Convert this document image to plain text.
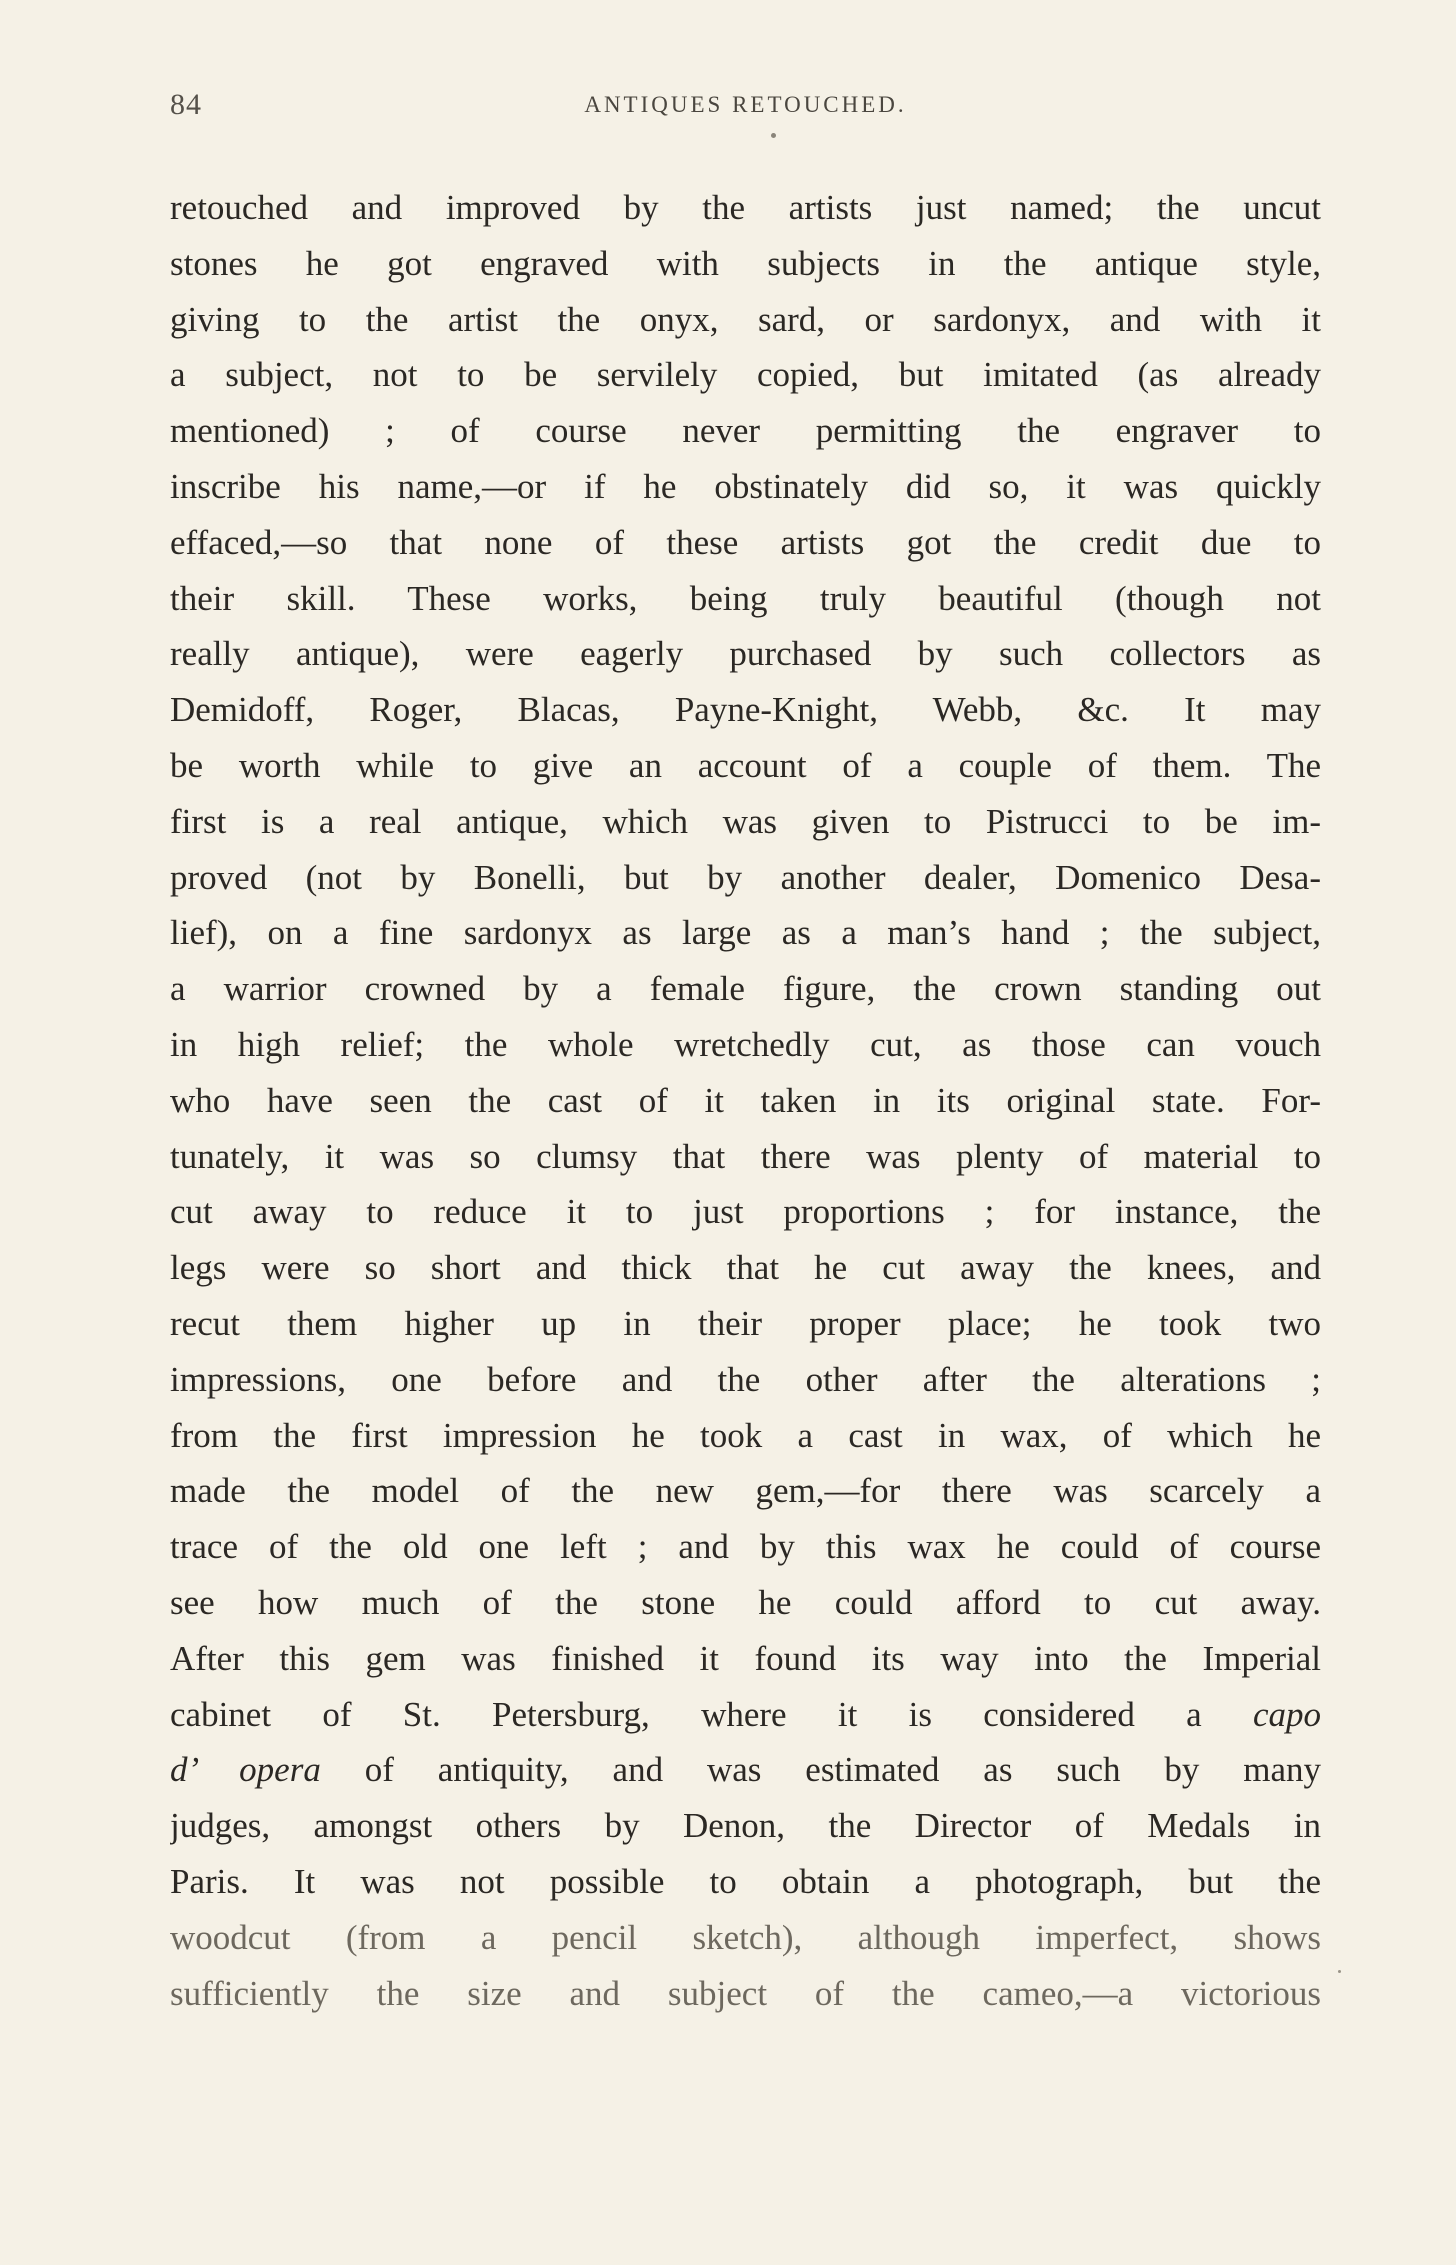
84	ANTIQUES RETOUCHED.
retouched and improved by the artists just named; the uncut
stones he got engraved with subjects in the antique style,
giving to the artist the onyx, sard, or sardonyx, and with it
a subject, not to be servilely copied, but imitated (as already
mentioned) ; of course never permitting the engraver to
inscribe his name,—or if he obstinately did so, it was quickly
effaced,—so that none of these artists got the credit due to
their skill. These works, being truly beautiful (though not
really antique), were eagerly purchased by such collectors as
Demidoff, Roger, Blacas, Payne-Knight, Webb, &c. It may
be worth while to give an account of a couple of them. The
first is a real antique, which was given to Pistrucci to be im-
proved (not by Bonelli, but by another dealer, Domenico Desa-
lief), on a fine sardonyx as large as a man’s hand ; the subject,
a warrior crowned by a female figure, the crown standing out
in high relief; the whole wretchedly cut, as those can vouch
who have seen the cast of it taken in its original state. For-
tunately, it was so clumsy that there was plenty of material to
cut away to reduce it to just proportions ; for instance, the
legs were so short and thick that he cut away the knees, and
recut them higher up in their proper place; he took two
impressions, one before and the other after the alterations ;
from the first impression he took a cast in wax, of which he
made the model of the new gem,—for there was scarcely a
trace of the old one left ; and by this wax he could of course
see how much of the stone he could afford to cut away.
After this gem was finished it found its way into the Imperial
cabinet of St. Petersburg, where it is considered a capo
d’ opera of antiquity, and was estimated as such by many
judges, amongst others by Denon, the Director of Medals in
Paris. It was not possible to obtain a photograph, but the
woodcut (from a pencil sketch), although imperfect, shows
sufficiently the size and subject of the cameo,—a victorious
